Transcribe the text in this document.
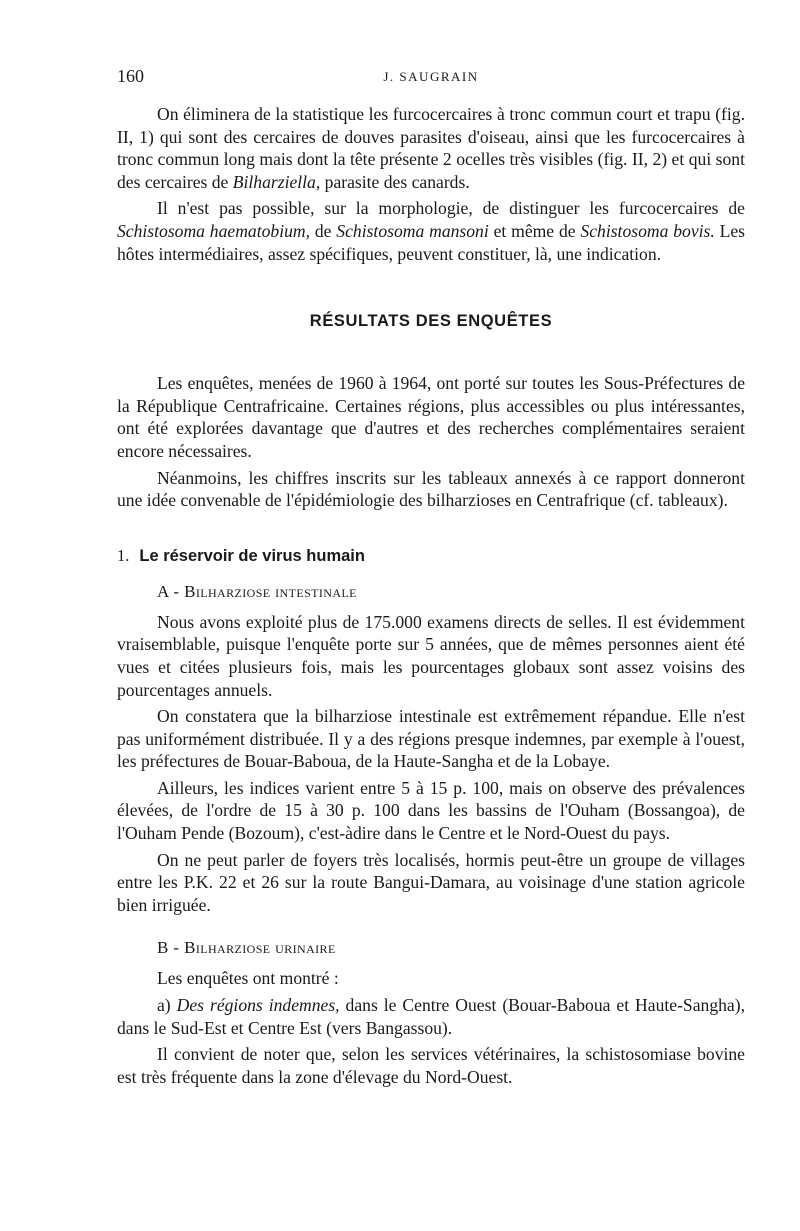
160	J. SAUGRAIN

On éliminera de la statistique les furcocercaires à tronc commun court et trapu (fig. II, 1) qui sont des cercaires de douves parasites d'oiseau, ainsi que les furcocercaires à tronc commun long mais dont la tête présente 2 ocelles très visibles (fig. II, 2) et qui sont des cercaires de Bilharziella, parasite des canards.

Il n'est pas possible, sur la morphologie, de distinguer les furcocercaires de Schistosoma haematobium, de Schistosoma mansoni et même de Schistosoma bovis. Les hôtes intermédiaires, assez spécifiques, peuvent constituer, là, une indication.

RÉSULTATS DES ENQUÊTES

Les enquêtes, menées de 1960 à 1964, ont porté sur toutes les Sous-Préfectures de la République Centrafricaine. Certaines régions, plus accessibles ou plus intéressantes, ont été explorées davantage que d'autres et des recherches complémentaires seraient encore nécessaires.

Néanmoins, les chiffres inscrits sur les tableaux annexés à ce rapport donneront une idée convenable de l'épidémiologie des bilharzioses en Centrafrique (cf. tableaux).

1. Le réservoir de virus humain
A - Bilharziose intestinale

Nous avons exploité plus de 175.000 examens directs de selles. Il est évidemment vraisemblable, puisque l'enquête porte sur 5 années, que de mêmes personnes aient été vues et citées plusieurs fois, mais les pourcentages globaux sont assez voisins des pourcentages annuels.

On constatera que la bilharziose intestinale est extrêmement répandue. Elle n'est pas uniformément distribuée. Il y a des régions presque indemnes, par exemple à l'ouest, les préfectures de Bouar-Baboua, de la Haute-Sangha et de la Lobaye.

Ailleurs, les indices varient entre 5 à 15 p. 100, mais on observe des prévalences élevées, de l'ordre de 15 à 30 p. 100 dans les bassins de l'Ouham (Bossangoa), de l'Ouham Pende (Bozoum), c'est-àdire dans le Centre et le Nord-Ouest du pays.

On ne peut parler de foyers très localisés, hormis peut-être un groupe de villages entre les P.K. 22 et 26 sur la route Bangui-Damara, au voisinage d'une station agricole bien irriguée.

B - Bilharziose urinaire

Les enquêtes ont montré :

a) Des régions indemnes, dans le Centre Ouest (Bouar-Baboua et Haute-Sangha), dans le Sud-Est et Centre Est (vers Bangassou).

Il convient de noter que, selon les services vétérinaires, la schistosomiase bovine est très fréquente dans la zone d'élevage du Nord-Ouest.
